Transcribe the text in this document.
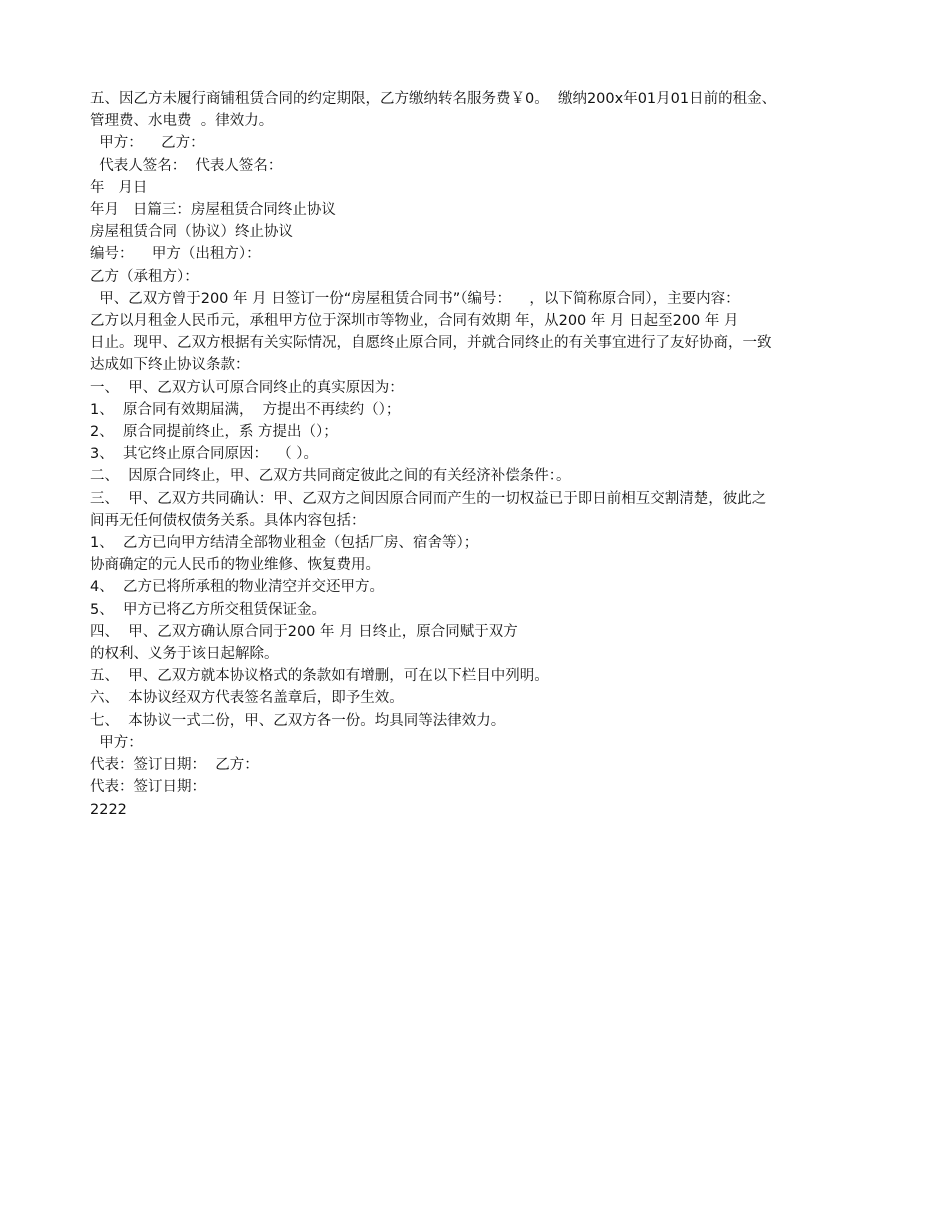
五、因乙方未履行商铺租赁合同的约定期限，乙方缴纳转名服务费￥0。  缴纳200x年01月01日前的租金、
管理费、水电费  。律效力。
甲方：    乙方：
代表人签名：  代表人签名：
年   月日
年月   日篇三：房屋租赁合同终止协议
房屋租赁合同（协议）终止协议
编号：    甲方（出租方）：
乙方（承租方）：
甲、乙双方曾于200 年 月 日签订一份“房屋租赁合同书”（编号：    ，以下简称原合同），主要内容：
乙方以月租金人民币元，承租甲方位于深圳市等物业，合同有效期 年，从200 年 月 日起至200 年 月
日止。现甲、乙双方根据有关实际情况，自愿终止原合同，并就合同终止的有关事宜进行了友好协商，一致
达成如下终止协议条款：
一、  甲、乙双方认可原合同终止的真实原因为：
1、  原合同有效期届满，  方提出不再续约（）；
2、  原合同提前终止，系 方提出（）；
3、  其它终止原合同原因：  （ ）。
二、  因原合同终止，甲、乙双方共同商定彼此之间的有关经济补偿条件：。
三、  甲、乙双方共同确认：甲、乙双方之间因原合同而产生的一切权益已于即日前相互交割清楚，彼此之
间再无任何债权债务关系。具体内容包括：
1、  乙方已向甲方结清全部物业租金（包括厂房、宿舍等）；
协商确定的元人民币的物业维修、恢复费用。
4、  乙方已将所承租的物业清空并交还甲方。
5、  甲方已将乙方所交租赁保证金。
四、  甲、乙双方确认原合同于200 年 月 日终止，原合同赋于双方
的权利、义务于该日起解除。
五、  甲、乙双方就本协议格式的条款如有增删，可在以下栏目中列明。
六、  本协议经双方代表签名盖章后，即予生效。
七、  本协议一式二份，甲、乙双方各一份。均具同等法律效力。
甲方：
代表：签订日期：  乙方：
代表：签订日期：
2222
